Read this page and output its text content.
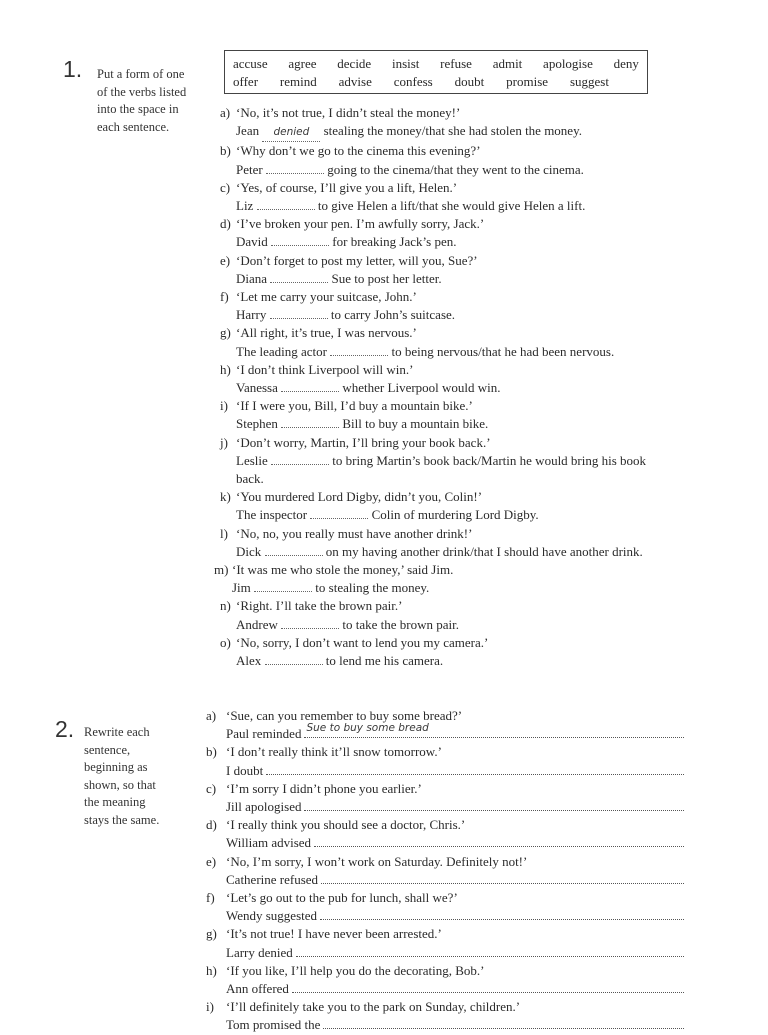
1. Put a form of one
of the verbs listed
into the space in
each sentence.
accuse agree decide insist refuse admit apologise deny
offer remind advise confess doubt promise suggest
a) ‘No, it’s not true, I didn’t steal the money!’
Jean denied stealing the money/that she had stolen the money.
b) ‘Why don’t we go to the cinema this evening?’
Peter	going to the cinema/that they went to the cinema.
c) ‘Yes, of course, I’ll give you a lift, Helen.’
Liz	to give Helen a lift/that she would give Helen a lift.
d) ‘I’ve broken your pen. I’m awfully sorry, Jack.’
David	for breaking Jack’s pen.
e) ‘Don’t forget to post my letter, will you, Sue?’
Diana	Sue to post her letter.
f) ‘Let me carry your suitcase, John.’
Harry	to carry John’s suitcase.
g) ‘All right, it’s true, I was nervous.’
The leading actor	to being nervous/that he had been nervous.
h) ‘I don’t think Liverpool will win.’
Vanessa	whether Liverpool would win.
i) ‘If I were you, Bill, I’d buy a mountain bike.’
Stephen	Bill to buy a mountain bike.
j) ‘Don’t worry, Martin, I’ll bring your book back.’
Leslie	to bring Martin’s book back/Martin he would bring his book back.
k) ‘You murdered Lord Digby, didn’t you, Colin!’
The inspector	Colin of murdering Lord Digby.
l) ‘No, no, you really must have another drink!’
Dick	on my having another drink/that I should have another drink.
m) ‘It was me who stole the money,’ said Jim.
Jim	to stealing the money.
n) ‘Right. I’ll take the brown pair.’
Andrew	to take the brown pair.
o) ‘No, sorry, I don’t want to lend you my camera.’
Alex	to lend me his camera.
2. Rewrite each
sentence,
beginning as
shown, so that
the meaning
stays the same.
a) ‘Sue, can you remember to buy some bread?’
Paul reminded Sue to buy some bread
b) ‘I don’t really think it’ll snow tomorrow.’
I doubt
c) ‘I’m sorry I didn’t phone you earlier.’
Jill apologised
d) ‘I really think you should see a doctor, Chris.’
William advised
e) ‘No, I’m sorry, I won’t work on Saturday. Definitely not!’
Catherine refused
f) ‘Let’s go out to the pub for lunch, shall we?’
Wendy suggested
g) ‘It’s not true! I have never been arrested.’
Larry denied
h) ‘If you like, I’ll help you do the decorating, Bob.’
Ann offered
i) ‘I’ll definitely take you to the park on Sunday, children.’
Tom promised the
